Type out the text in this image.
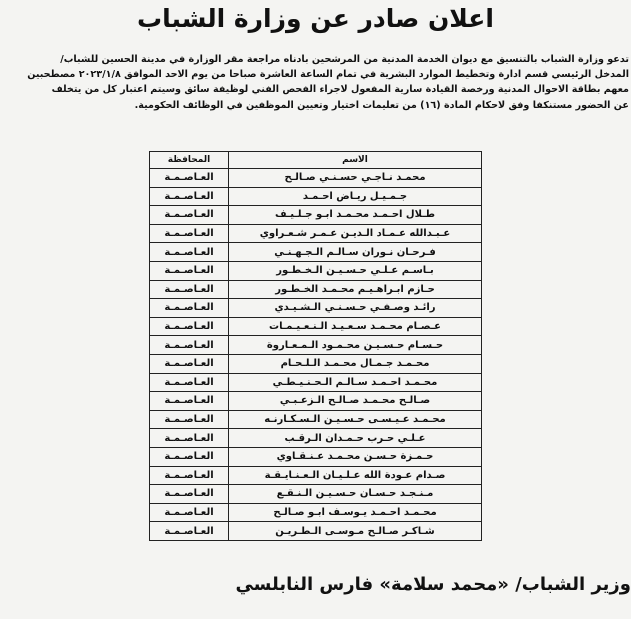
اعلان صادر عن وزارة الشباب
تدعو وزارة الشباب بالتنسيق مع ديوان الخدمة المدنية من المرشحين بادناه مراجعة مقر الوزارة في مدينة الحسين للشباب/
المدخل الرئيسي قسم ادارة وتخطيط الموارد البشرية في تمام الساعة العاشرة صباحا من يوم الاحد الموافق ٢٠٢٣/١/٨ مصطحبين
معهم بطاقة الاحوال المدنية ورخصة القيادة سارية المفعول لاجراء الفحص الفني لوظيفة سائق وسيتم اعتبار كل من يتخلف
عن الحضور مستنكفا وفق لاحكام المادة (١٦) من تعليمات اختيار وتعيين الموظفين في الوظائف الحكومية.
الاسم	المحافظة
محمـد نـاجـي حسـنـي صـالـح	العـاصـمـة
جـمـيـل ريـاض احـمـد	العـاصـمـة
طـلال احـمـد محـمـد ابـو جـلـيـف	العـاصـمـة
عـبـدالله عـمـاد الـديـن عـمـر شـعـراوي	العـاصـمـة
فـرحـان نـوران سـالـم الـجـهـنـي	العـاصـمـة
بـاسـم عـلـي حـسـيـن الـخـطـور	العـاصـمـة
حـازم ابـراهـيـم محـمـد الخـطـور	العـاصـمـة
رائـد وصـفـي حـسـنـي الـشـيـدي	العـاصـمـة
عـصـام محـمـد سـعـيـد الـنـعـيـمـات	العـاصـمـة
حـسـام حـسـيـن محـمـود الـمـعـاروة	العـاصـمـة
محـمـد جـمـال محـمـد الـلـحـام	العـاصـمـة
محـمـد احـمـد سـالـم الـحـنـيـطـي	العـاصـمـة
صـالـح محـمـد صـالـح الـزعـبـي	العـاصـمـة
محـمـد عـيـسـى حـسـيـن الـسـكـارنـه	العـاصـمـة
عـلـي حـرب حـمـدان الـرقـب	العـاصـمـة
حـمـزة حـسـن محـمـد عـنـقـاوي	العـاصـمـة
صـدام عـودة الله عـلـيـان الـعـنـايـقـة	العـاصـمـة
مـنـجـد حـسـان حـسـيـن الـنـقـع	العـاصـمـة
محـمـد احـمـد يـوسـف ابـو صـالـح	العـاصـمـة
شـاكـر صـالـح مـوسـى الـطـريـن	العـاصـمـة
وزير الشباب/ «محمد سلامة» فارس النابلسي
